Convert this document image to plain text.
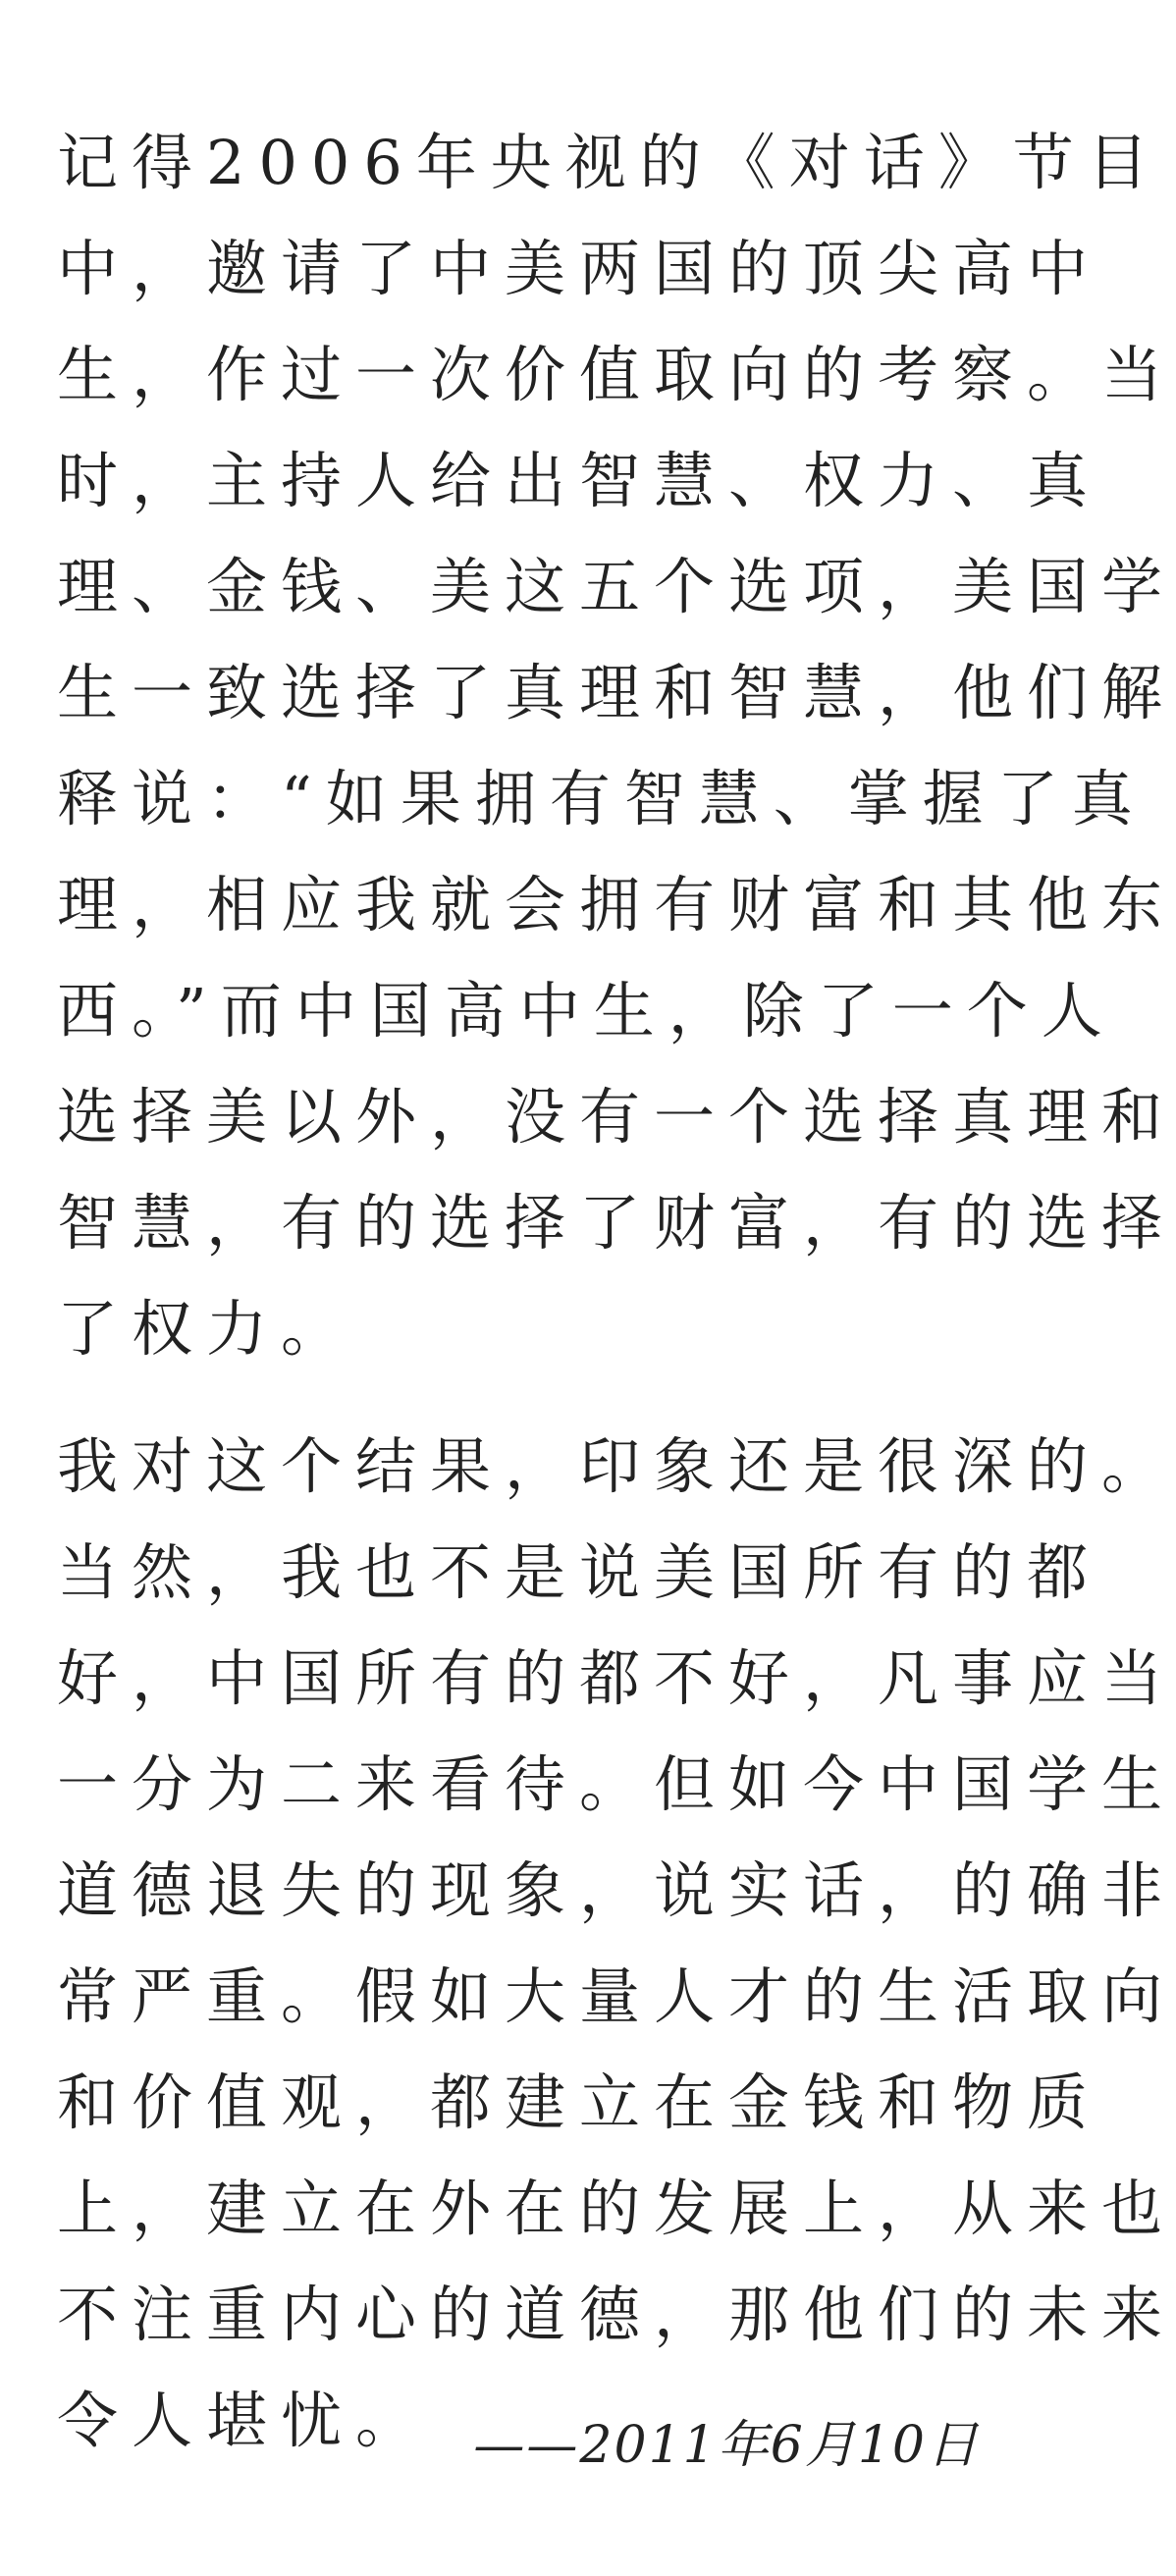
记得2006年央视的《对话》节目
中，邀请了中美两国的顶尖高中
生，作过一次价值取向的考察。当
时，主持人给出智慧、权力、真
理、金钱、美这五个选项，美国学
生一致选择了真理和智慧，他们解
释说：“如果拥有智慧、掌握了真
理，相应我就会拥有财富和其他东
西。”而中国高中生，除了一个人
选择美以外，没有一个选择真理和
智慧，有的选择了财富，有的选择
了权力。
我对这个结果，印象还是很深的。
当然，我也不是说美国所有的都
好，中国所有的都不好，凡事应当
一分为二来看待。但如今中国学生
道德退失的现象，说实话，的确非
常严重。假如大量人才的生活取向
和价值观，都建立在金钱和物质
上，建立在外在的发展上，从来也
不注重内心的道德，那他们的未来
令人堪忧。 ——2011年6月10日
